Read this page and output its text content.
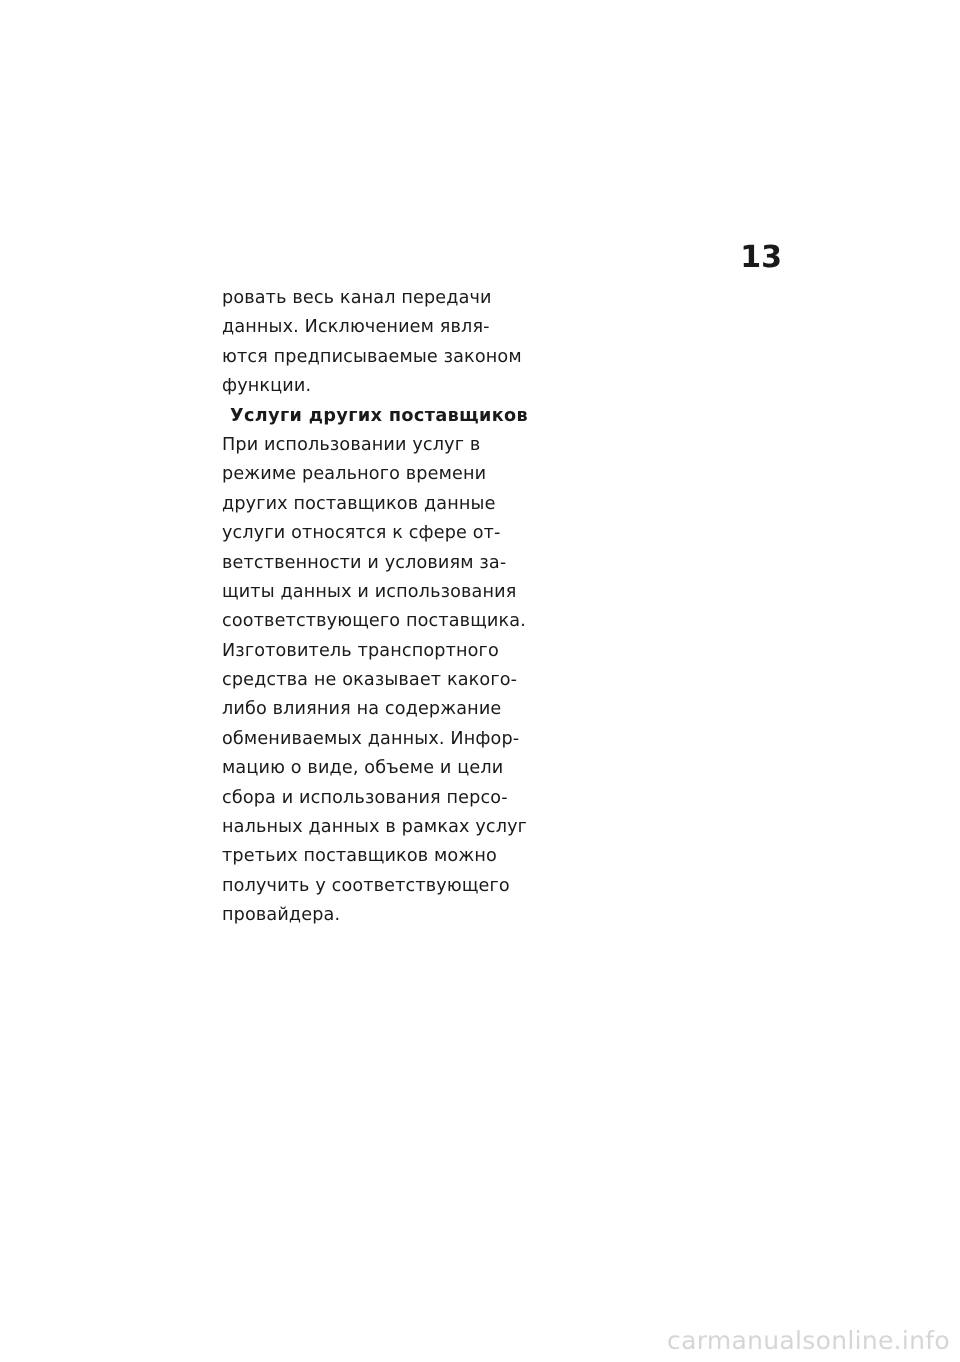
13
ровать весь канал передачи
данных. Исключением явля-
ются предписываемые законом
функции.
Услуги других поставщиков
При использовании услуг в
режиме реального времени
других поставщиков данные
услуги относятся к сфере от-
ветственности и условиям за-
щиты данных и использования
соответствующего поставщика.
Изготовитель транспортного
средства не оказывает какого-
либо влияния на содержание
обмениваемых данных. Инфор-
мацию о виде, объеме и цели
сбора и использования персо-
нальных данных в рамках услуг
третьих поставщиков можно
получить у соответствующего
провайдера.
carmanualsonline.info
